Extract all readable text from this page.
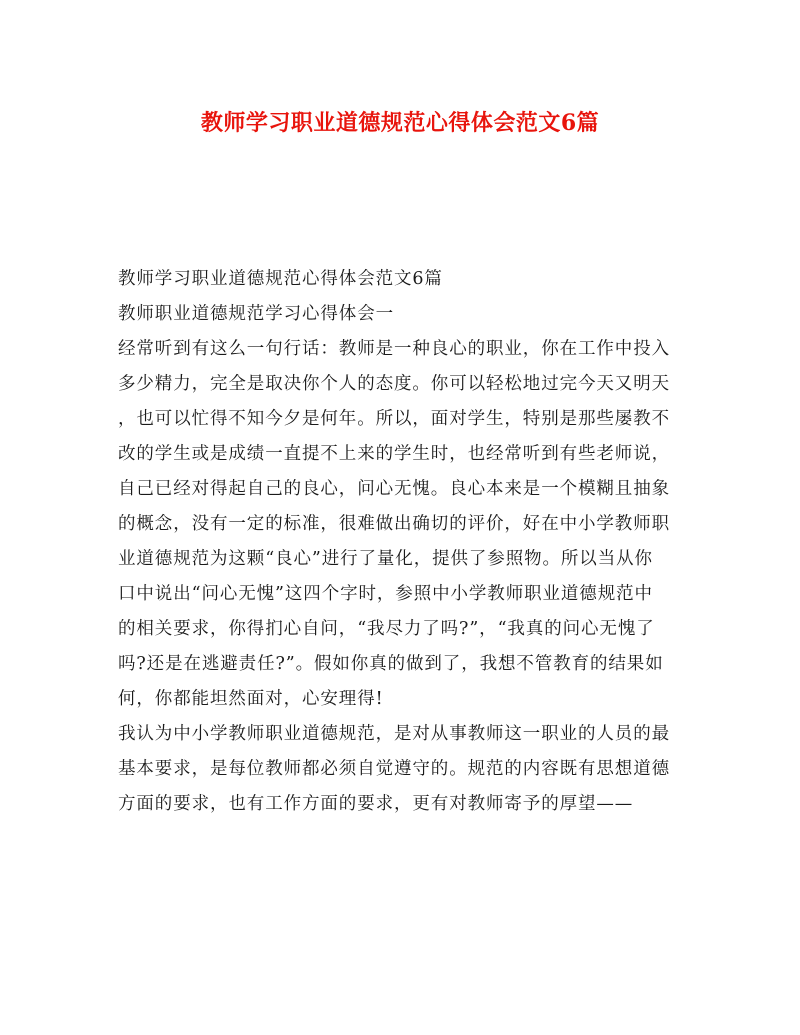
教师学习职业道德规范心得体会范文6篇
教师学习职业道德规范心得体会范文6篇
教师职业道德规范学习心得体会一
经常听到有这么一句行话：教师是一种良心的职业，你在工作中投入
多少精力，完全是取决你个人的态度。你可以轻松地过完今天又明天
，也可以忙得不知今夕是何年。所以，面对学生，特别是那些屡教不
改的学生或是成绩一直提不上来的学生时，也经常听到有些老师说，
自己已经对得起自己的良心，问心无愧。良心本来是一个模糊且抽象
的概念，没有一定的标准，很难做出确切的评价，好在中小学教师职
业道德规范为这颗“良心”进行了量化，提供了参照物。所以当从你
口中说出“问心无愧”这四个字时，参照中小学教师职业道德规范中
的相关要求，你得扪心自问，“我尽力了吗?”，“我真的问心无愧了
吗?还是在逃避责任?”。假如你真的做到了，我想不管教育的结果如
何，你都能坦然面对，心安理得!
我认为中小学教师职业道德规范，是对从事教师这一职业的人员的最
基本要求，是每位教师都必须自觉遵守的。规范的内容既有思想道德
方面的要求，也有工作方面的要求，更有对教师寄予的厚望——
